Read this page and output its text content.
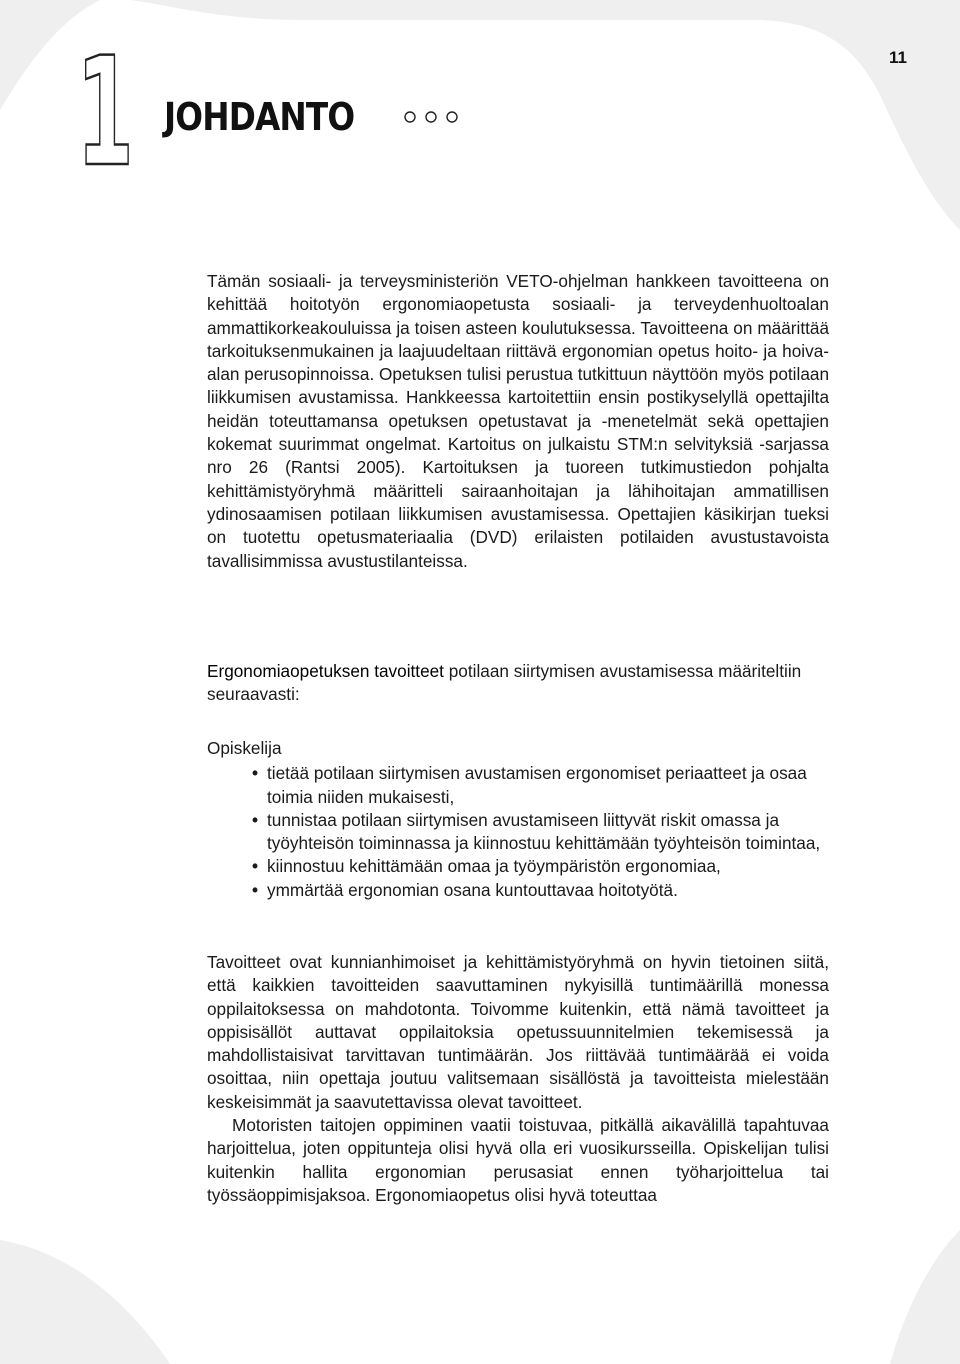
11
1 JOHDANTO

Tämän sosiaali- ja terveysministeriön VETO-ohjelman hankkeen tavoitteena on kehittää hoitotyön ergonomiaopetusta sosiaali- ja terveydenhuoltoalan ammattikorkeakouluissa ja toisen asteen koulutuksessa. Tavoitteena on määrittää tarkoituksenmukainen ja laajuudeltaan riittävä ergonomian opetus hoito- ja hoiva-alan perusopinnoissa. Opetuksen tulisi perustua tutkittuun näyttöön myös potilaan liikkumisen avustamissa. Hankkeessa kartoitettiin ensin postikyselyllä opettajilta heidän toteuttamansa opetuksen opetustavat ja -menetelmät sekä opettajien kokemat suurimmat ongelmat. Kartoitus on julkaistu STM:n selvityksiä -sarjassa nro 26 (Rantsi 2005). Kartoituksen ja tuoreen tutkimustiedon pohjalta kehittämistyöryhmä määritteli sairaanhoitajan ja lähihoitajan ammatillisen ydinosaamisen potilaan liikkumisen avustamisessa. Opettajien käsikirjan tueksi on tuotettu opetusmateriaalia (DVD) erilaisten potilaiden avustustavoista tavallisimmissa avustustilanteissa.

Ergonomiaopetuksen tavoitteet potilaan siirtymisen avustamisessa määriteltiin seuraavasti:

Opiskelija

• tietää potilaan siirtymisen avustamisen ergonomiset periaatteet ja osaa toimia niiden mukaisesti,
• tunnistaa potilaan siirtymisen avustamiseen liittyvät riskit omassa ja työyhteisön toiminnassa ja kiinnostuu kehittämään työyhteisön toimintaa,
• kiinnostuu kehittämään omaa ja työympäristön ergonomiaa,
• ymmärtää ergonomian osana kuntouttavaa hoitotyötä.

Tavoitteet ovat kunnianhimoiset ja kehittämistyöryhmä on hyvin tietoinen siitä, että kaikkien tavoitteiden saavuttaminen nykyisillä tuntimäärillä monessa oppilaitoksessa on mahdotonta. Toivomme kuitenkin, että nämä tavoitteet ja oppisisällöt auttavat oppilaitoksia opetussuunnitelmien tekemisessä ja mahdollistaisivat tarvittavan tuntimäärän. Jos riittävää tuntimäärää ei voida osoittaa, niin opettaja joutuu valitsemaan sisällöstä ja tavoitteista mielestään keskeisimmät ja saavutettavissa olevat tavoitteet.

Motoristen taitojen oppiminen vaatii toistuvaa, pitkällä aikavälillä tapahtuvaa harjoittelua, joten oppitunteja olisi hyvä olla eri vuosikursseilla. Opiskelijan tulisi kuitenkin hallita ergonomian perusasiat ennen työharjoittelua tai työssäoppimisjaksoa. Ergonomiaopetus olisi hyvä toteuttaa
